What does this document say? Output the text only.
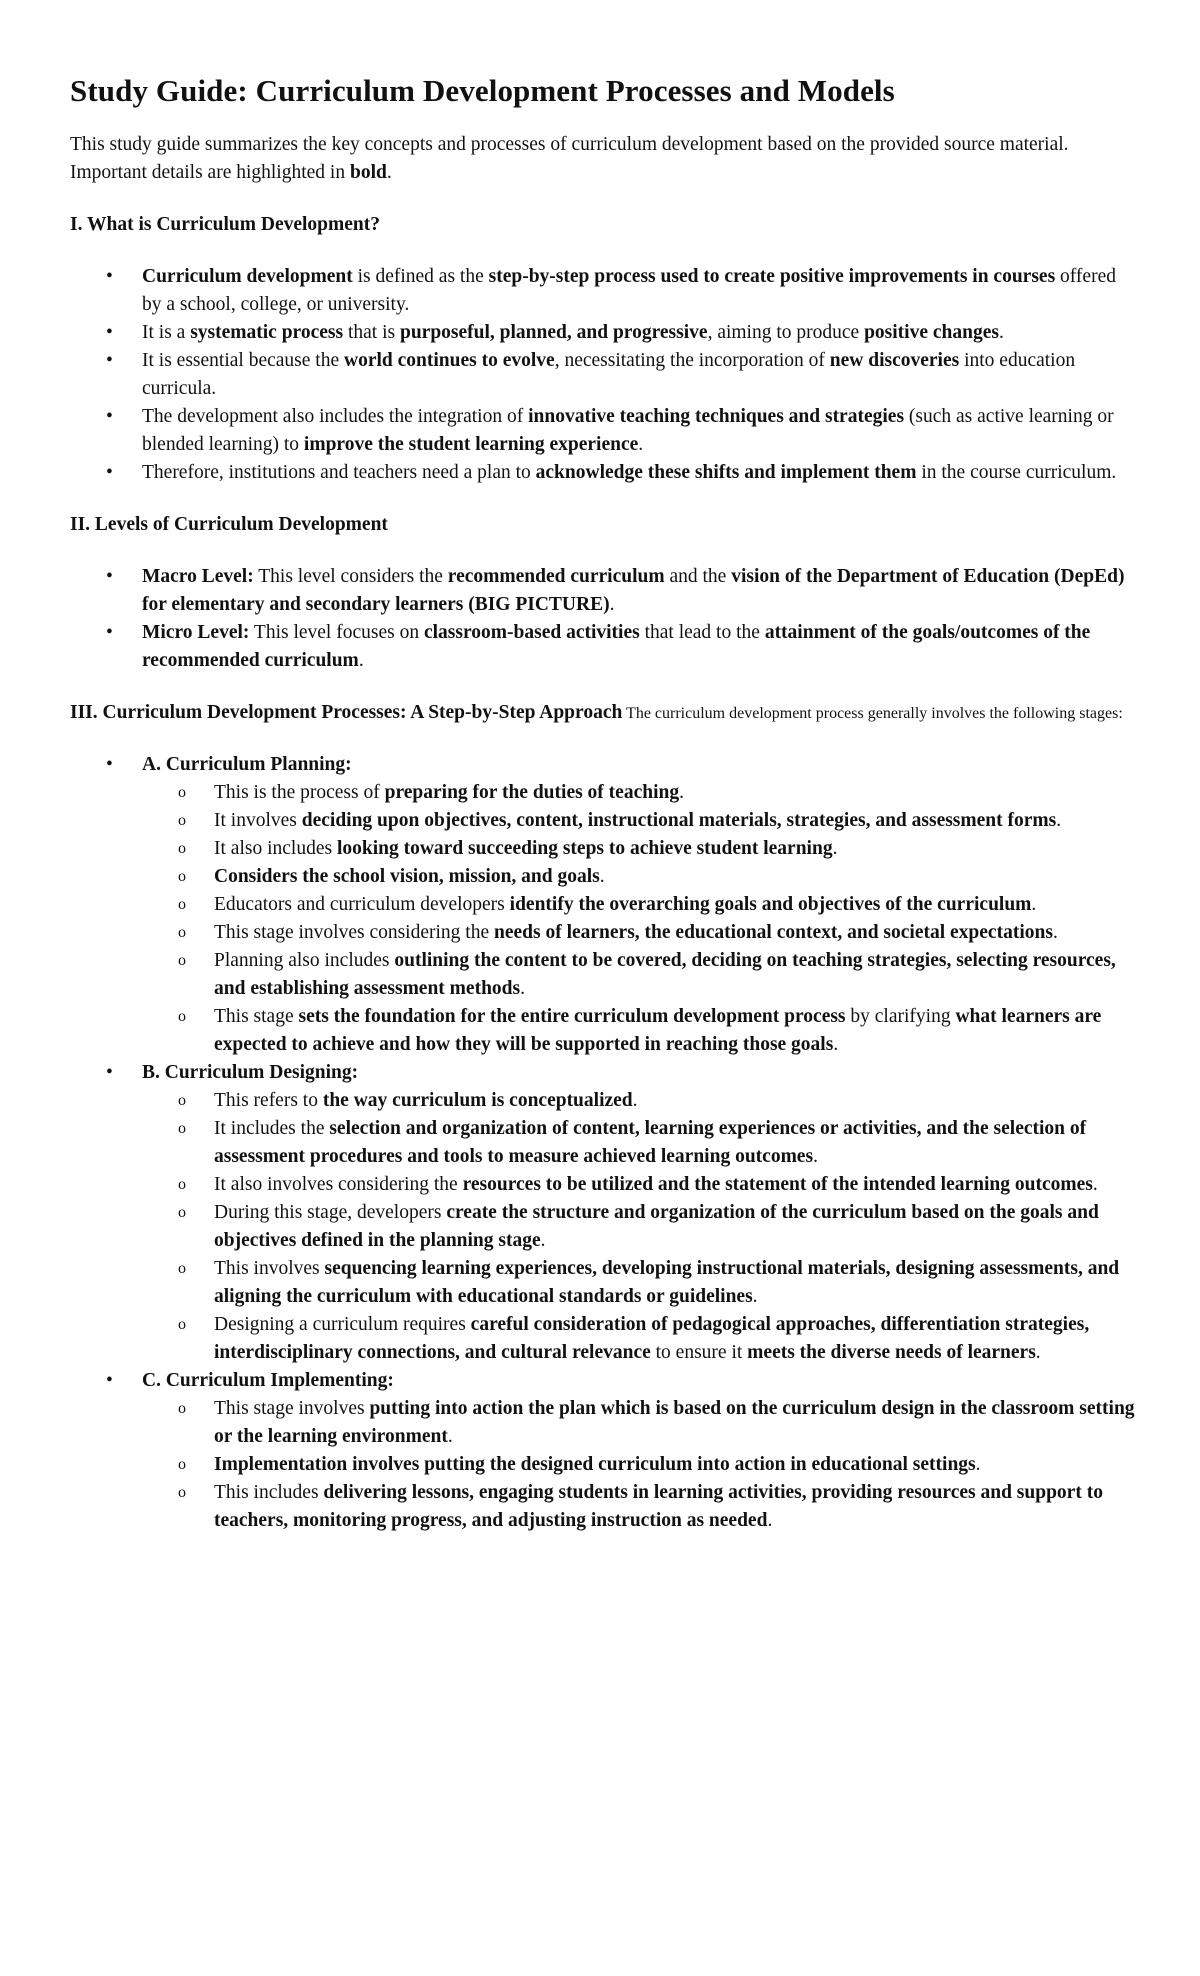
Study Guide: Curriculum Development Processes and Models

This study guide summarizes the key concepts and processes of curriculum development based on the provided source material. Important details are highlighted in bold.

I. What is Curriculum Development?
• Curriculum development is defined as the step-by-step process used to create positive improvements in courses offered by a school, college, or university.
• It is a systematic process that is purposeful, planned, and progressive, aiming to produce positive changes.
• It is essential because the world continues to evolve, necessitating the incorporation of new discoveries into education curricula.
• The development also includes the integration of innovative teaching techniques and strategies (such as active learning or blended learning) to improve the student learning experience.
• Therefore, institutions and teachers need a plan to acknowledge these shifts and implement them in the course curriculum.
II. Levels of Curriculum Development
• Macro Level: This level considers the recommended curriculum and the vision of the Department of Education (DepEd) for elementary and secondary learners (BIG PICTURE).
• Micro Level: This level focuses on classroom-based activities that lead to the attainment of the goals/outcomes of the recommended curriculum.

III. Curriculum Development Processes: A Step-by-Step Approach The curriculum development process generally involves the following stages:

• A. Curriculum Planning:
o This is the process of preparing for the duties of teaching.
o It involves deciding upon objectives, content, instructional materials, strategies, and assessment forms.
o It also includes looking toward succeeding steps to achieve student learning.
o Considers the school vision, mission, and goals.
o Educators and curriculum developers identify the overarching goals and objectives of the curriculum.
o This stage involves considering the needs of learners, the educational context, and societal expectations.
o Planning also includes outlining the content to be covered, deciding on teaching strategies, selecting resources, and establishing assessment methods.
o This stage sets the foundation for the entire curriculum development process by clarifying what learners are expected to achieve and how they will be supported in reaching those goals.
• B. Curriculum Designing:
o This refers to the way curriculum is conceptualized.
o It includes the selection and organization of content, learning experiences or activities, and the selection of assessment procedures and tools to measure achieved learning outcomes.
o It also involves considering the resources to be utilized and the statement of the intended learning outcomes.
o During this stage, developers create the structure and organization of the curriculum based on the goals and objectives defined in the planning stage.
o This involves sequencing learning experiences, developing instructional materials, designing assessments, and aligning the curriculum with educational standards or guidelines.
o Designing a curriculum requires careful consideration of pedagogical approaches, differentiation strategies, interdisciplinary connections, and cultural relevance to ensure it meets the diverse needs of learners.
• C. Curriculum Implementing:
o This stage involves putting into action the plan which is based on the curriculum design in the classroom setting or the learning environment.
o Implementation involves putting the designed curriculum into action in educational settings.
o This includes delivering lessons, engaging students in learning activities, providing resources and support to teachers, monitoring progress, and adjusting instruction as needed.
